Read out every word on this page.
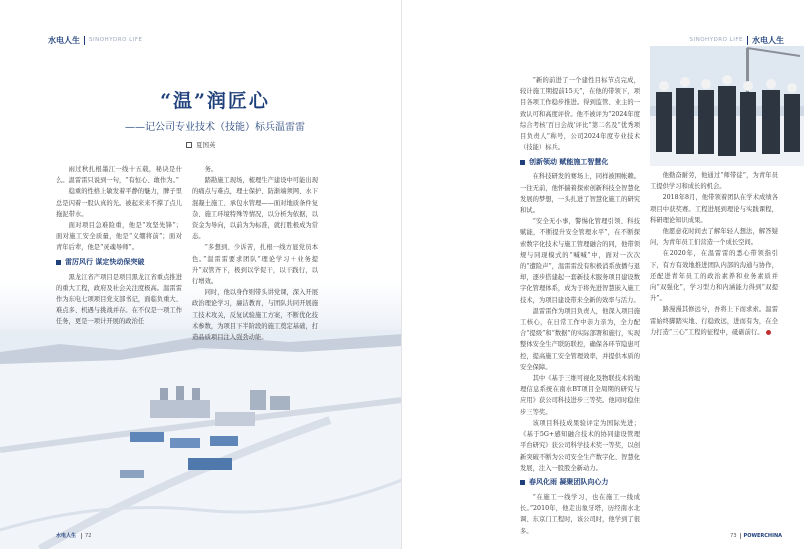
水电人生 SINOHYDRO LIFE
“温”润匠心
——记公司专业技术（技能）标兵温雷雷
夏国英

雨过秋扎根墨江一线十五载，秘诀是什么。温雷雷只说到一句，“有恒心、敢作为。”

稳重的性格上敏发着平静的魅力，脾子里总是闪着一股认真的光。被起来来不撑了点儿拖泥带水。

面对项目急难险重，他是“攻坚先锋”；面对施工安全质量，他是“义绷将前”；面对青年后辈，他是“灵魂导师”。

雷厉风行 谋定快动保突破

黑龙江省产项目是项目黑龙江省重点推进的重大工程，政府及社会关注度极高。温雷雷作为东电七项项目党支部书记，面临负重大、难点多、机遇与挑战并存。在不仅是一项工作任务，更是一项计开展的政治任

务。

踏勘施工现场，梳理生产建设中可能出现的痛点与难点，理士保护、防渐端须网、水下混凝土施工、承包水管理——面对地质条件复杂、施工环境特殊等情况，以分析为依据，以资金为导向，以前为为标准，就打胜极成为常态。

“多想到、少诉苦，扎根一线方显党员本色。”温雷雷要求团队“理论学习＋业务提升”双管齐下，极到以学促干，以干践行，以行增效。

同时，他以身作则带头讲党课，深入开展政治理论学习，廉洁教育，与团队共同开展施工技术攻关，反复试验施工方案，不断优化技术参数，为项目下半阶段的施工奠定基础，打造品质项目注入强劲动能。

水电人生 72
SINOHYDRO LIFE 水电人生

“新的前进了一个建性目标节点完成，较计施工期提前15天”，在他的带领下，项目各项工作稳步推进。得到监管、业主的一致认可和高度评价。他不被评为“2024年度综合考核‘百日会战’评比”第二名及“优秀项目负责人”称号，公司2024年度专业技术（技能）标兵。

创新领动 赋能施工智慧化

在科技研发的赛场上，同样被围帐赖。一往无前，他怀揣着探索创新科技全智慧化发展的梦想，一头扎进了智慧化施工的研究和试。

“安全无小事，警惕化管理引领、科技赋能，不断提升安全管理水平”，在不断探索数字化技术与施工管理融合的同，他带领规与同现模式的“喊喊”中，面对一次次的“遭险声”，温雷雷没有积极消系放播与退却，逐步搭建起一套新技术服务项目建设数字化管理体系，成为于将先进智慧嵌入施工技术，为项目建设带来全新的效率与活力。

温雷雷作为项目负责人，他深入项目施工核心，在日常工作中亲力亲为，全力配合“提级”和“数据”的实际部署和施行，实现整体安全生产联防联控，确保各环节隐患可控，提高施工安全管理效率，并提供本质的安全保障。

其中《基于三维可视化及物联技术的地理信息系统在南水BT项目全周期的研究与应用》获公司科技进步三等奖。他同时稳住步三等奖。

该项目科技成果验评定为国际先进；《基于5G+感知融合技术的协同建设管理平台研究》获公司科学技术奖一等奖，以创新突破不断为公司安全生产数字化、智慧化发展，注入一股股全新动力。

春风化雨 凝聚团队向心力

“在施工一线学习，也在施工一线成长。”2010年，他走出象牙塔，历经南水北调、东京门工程时，该公司时，他学到了很多。

他勤奋耐劳，他通过“师带徒”，为青年员工提供学习和成长的机会。

2018年8月，他带领着团队在学术成绩各项目中获奖赛。工程进展到理论与实践课程，科研理论知识成果。

他愿意花时间去了解年轻人想法，解答疑问，为青年员工们营造一个成长空间。

在2020年，在温雷雷的悉心带领指引下，有方有效地推进团队内部的沟通与协作，还配进青年员工的政治素养和业务素质并向“双强化”，学习型力和内涵能力得到“双提升”。

路漫漫其修远兮，吾将上下而求索。温雷雷始终脚踏实地、行稳致远，进而有为，在全力打造“三心”工程的征程中，砥砺前行。

73 POWERCHINA
